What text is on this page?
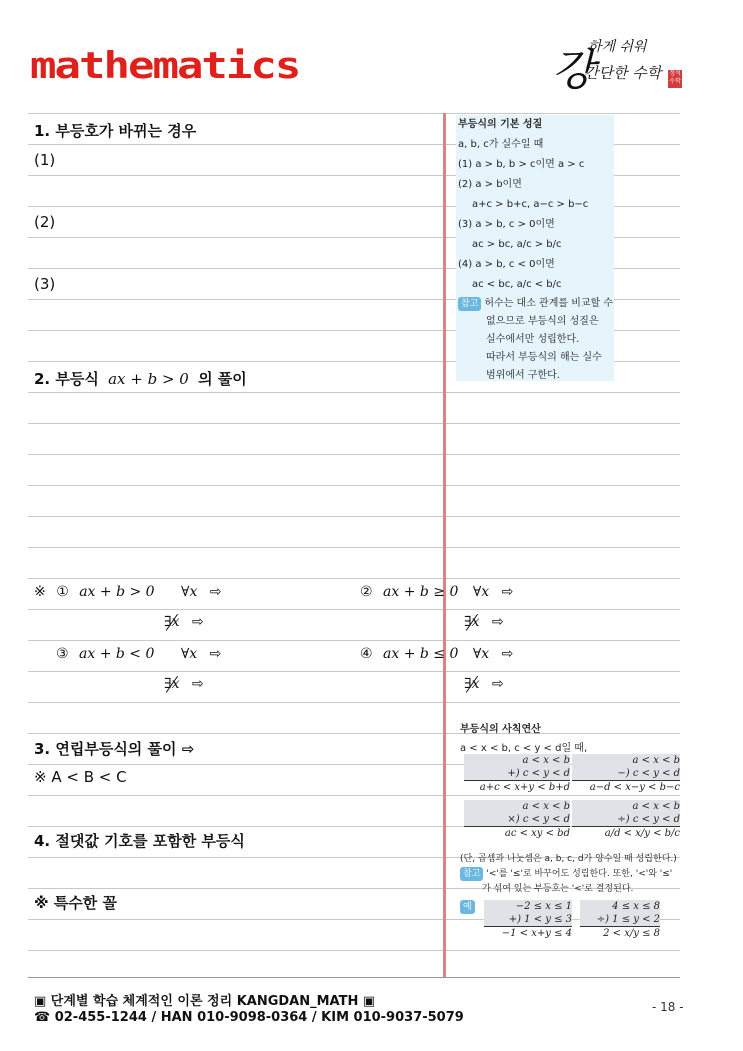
mathematics	강
하게 쉬워
간단한 수학 정석 수학
1. 부등호가 바뀌는 경우
(1)
(2)
(3)
2. 부등식 ax + b > 0 의 풀이
※ ① ax + b > 0 ∀x ⇨	② ax + b ≥ 0 ∀x ⇨
∃x ⇨	∃x ⇨
③ ax + b < 0 ∀x ⇨	④ ax + b ≤ 0 ∀x ⇨
∃x ⇨	∃x ⇨
3. 연립부등식의 풀이 ⇨
※ A < B < C
4. 절댓값 기호를 포함한 부등식
※ 특수한 꼴
부등식의 기본 성질
a, b, c가 실수일 때
(1) a > b, b > c이면 a > c
(2) a > b이면
a+c > b+c, a−c > b−c
(3) a > b, c > 0이면
ac > bc, a/c > b/c
(4) a > b, c < 0이면
ac < bc, a/c < b/c
참고 허수는 대소 관계를 비교할 수
없으므로 부등식의 성질은
실수에서만 성립한다.
따라서 부등식의 해는 실수
범위에서 구한다.
부등식의 사칙연산
a < x < b, c < y < d일 때,
a < x < b
+) c < y < d
a+c < x+y < b+d
a < x < b
−) c < y < d
a−d < x−y < b−c
a < x < b
×) c < y < d
ac < xy < bd
a < x < b
÷) c < y < d
a/d < x/y < b/c
(단, 곱셈과 나눗셈은 a, b, c, d가 양수일 때 성립한다.)
참고 '<'를 '≤'로 바꾸어도 성립한다. 또한, '<'와 '≤'
가 섞여 있는 부등호는 '<'로 결정된다.
예	−2 ≤ x ≤ 1
+) 1 < y ≤ 3
−1 < x+y ≤ 4
4 ≤ x ≤ 8
÷) 1 ≤ y < 2
2 < x/y ≤ 8
▣ 단계별 학습 체계적인 이론 정리 KANGDAN_MATH ▣
☎ 02-455-1244 / HAN 010-9098-0364 / KIM 010-9037-5079
- 18 -
